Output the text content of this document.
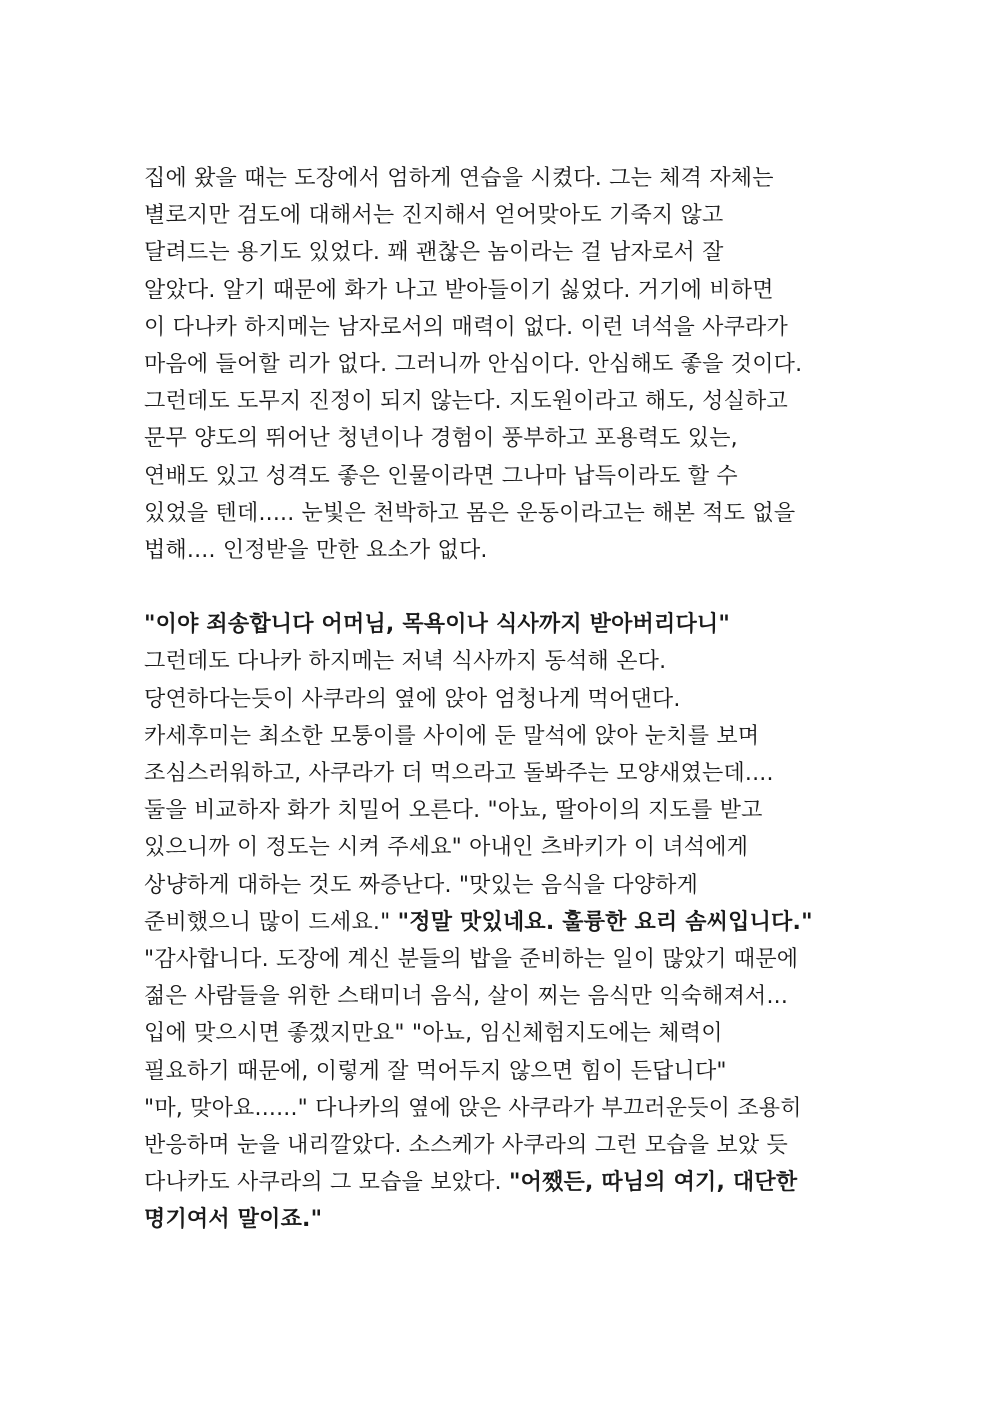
집에 왔을 때는 도장에서 엄하게 연습을 시켰다. 그는 체격 자체는
별로지만 검도에 대해서는 진지해서 얻어맞아도 기죽지 않고
달려드는 용기도 있었다. 꽤 괜찮은 놈이라는 걸 남자로서 잘
알았다. 알기 때문에 화가 나고 받아들이기 싫었다. 거기에 비하면
이 다나카 하지메는 남자로서의 매력이 없다. 이런 녀석을 사쿠라가
마음에 들어할 리가 없다. 그러니까 안심이다. 안심해도 좋을 것이다.
그런데도 도무지 진정이 되지 않는다. 지도원이라고 해도, 성실하고
문무 양도의 뛰어난 청년이나 경험이 풍부하고 포용력도 있는,
연배도 있고 성격도 좋은 인물이라면 그나마 납득이라도 할 수
있었을 텐데..... 눈빛은 천박하고 몸은 운동이라고는 해본 적도 없을
법해.... 인정받을 만한 요소가 없다.
"이야 죄송합니다 어머님, 목욕이나 식사까지 받아버리다니"
그런데도 다나카 하지메는 저녁 식사까지 동석해 온다.
당연하다는듯이 사쿠라의 옆에 앉아 엄청나게 먹어댄다.
카세후미는 최소한 모퉁이를 사이에 둔 말석에 앉아 눈치를 보며
조심스러워하고, 사쿠라가 더 먹으라고 돌봐주는 모양새였는데....
둘을 비교하자 화가 치밀어 오른다. "아뇨, 딸아이의 지도를 받고
있으니까 이 정도는 시켜 주세요" 아내인 츠바키가 이 녀석에게
상냥하게 대하는 것도 짜증난다. "맛있는 음식을 다양하게
준비했으니 많이 드세요." "정말 맛있네요. 훌륭한 요리 솜씨입니다."
"감사합니다. 도장에 계신 분들의 밥을 준비하는 일이 많았기 때문에
젊은 사람들을 위한 스태미너 음식, 살이 찌는 음식만 익숙해져서...
입에 맞으시면 좋겠지만요" "아뇨, 임신체험지도에는 체력이
필요하기 때문에, 이렇게 잘 먹어두지 않으면 힘이 든답니다"
"마, 맞아요......" 다나카의 옆에 앉은 사쿠라가 부끄러운듯이 조용히
반응하며 눈을 내리깔았다. 소스케가 사쿠라의 그런 모습을 보았 듯
다나카도 사쿠라의 그 모습을 보았다. "어쨌든, 따님의 여기, 대단한
명기여서 말이죠."
